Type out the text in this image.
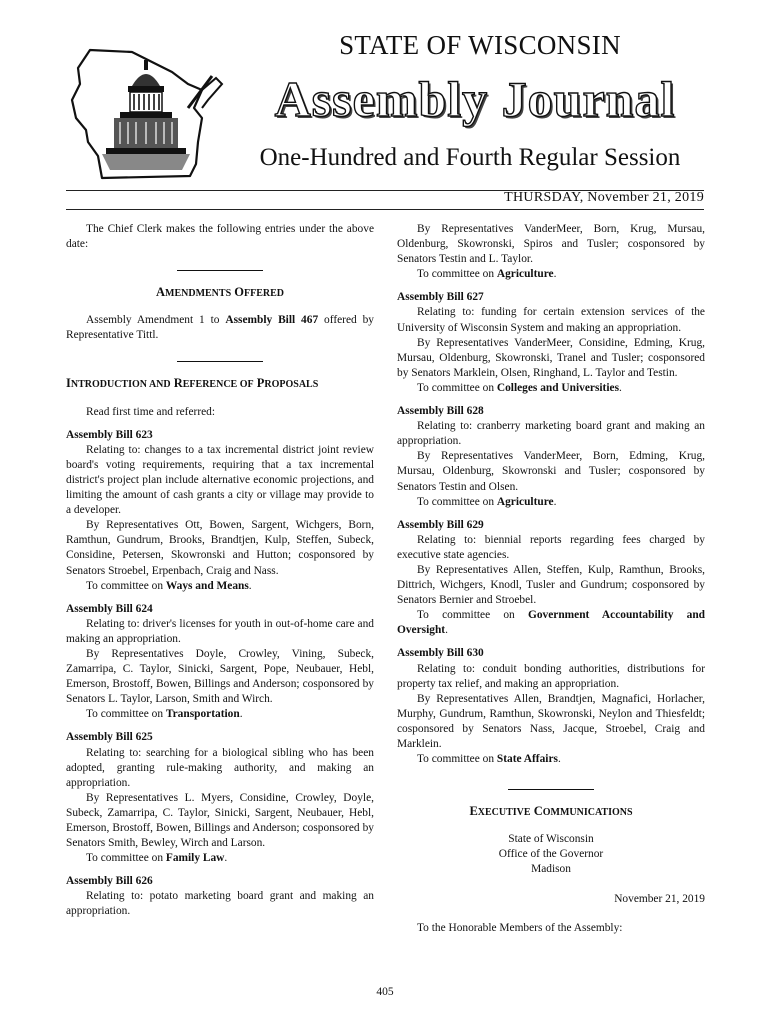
STATE OF WISCONSIN
Assembly Journal
One-Hundred and Fourth Regular Session
THURSDAY, November 21, 2019

The Chief Clerk makes the following entries under the above date:

AMENDMENTS OFFERED

Assembly Amendment 1 to Assembly Bill 467 offered by Representative Tittl.

INTRODUCTION AND REFERENCE OF PROPOSALS

Read first time and referred:

Assembly Bill 623

Relating to: changes to a tax incremental district joint review board's voting requirements, requiring that a tax incremental district's project plan include alternative economic projections, and limiting the amount of cash grants a city or village may provide to a developer.

By Representatives Ott, Bowen, Sargent, Wichgers, Born, Ramthun, Gundrum, Brooks, Brandtjen, Kulp, Steffen, Subeck, Considine, Petersen, Skowronski and Hutton; cosponsored by Senators Stroebel, Erpenbach, Craig and Nass.

To committee on Ways and Means.

Assembly Bill 624

Relating to: driver's licenses for youth in out-of-home care and making an appropriation.

By Representatives Doyle, Crowley, Vining, Subeck, Zamarripa, C. Taylor, Sinicki, Sargent, Pope, Neubauer, Hebl, Emerson, Brostoff, Bowen, Billings and Anderson; cosponsored by Senators L. Taylor, Larson, Smith and Wirch.

To committee on Transportation.

Assembly Bill 625

Relating to: searching for a biological sibling who has been adopted, granting rule-making authority, and making an appropriation.

By Representatives L. Myers, Considine, Crowley, Doyle, Subeck, Zamarripa, C. Taylor, Sinicki, Sargent, Neubauer, Hebl, Emerson, Brostoff, Bowen, Billings and Anderson; cosponsored by Senators Smith, Bewley, Wirch and Larson.

To committee on Family Law.

Assembly Bill 626

Relating to: potato marketing board grant and making an appropriation.

By Representatives VanderMeer, Born, Krug, Mursau, Oldenburg, Skowronski, Spiros and Tusler; cosponsored by Senators Testin and L. Taylor.

To committee on Agriculture.

Assembly Bill 627

Relating to: funding for certain extension services of the University of Wisconsin System and making an appropriation.

By Representatives VanderMeer, Considine, Edming, Krug, Mursau, Oldenburg, Skowronski, Tranel and Tusler; cosponsored by Senators Marklein, Olsen, Ringhand, L. Taylor and Testin.

To committee on Colleges and Universities.

Assembly Bill 628

Relating to: cranberry marketing board grant and making an appropriation.

By Representatives VanderMeer, Born, Edming, Krug, Mursau, Oldenburg, Skowronski and Tusler; cosponsored by Senators Testin and Olsen.

To committee on Agriculture.

Assembly Bill 629

Relating to: biennial reports regarding fees charged by executive state agencies.

By Representatives Allen, Steffen, Kulp, Ramthun, Brooks, Dittrich, Wichgers, Knodl, Tusler and Gundrum; cosponsored by Senators Bernier and Stroebel.

To committee on Government Accountability and Oversight.

Assembly Bill 630

Relating to: conduit bonding authorities, distributions for property tax relief, and making an appropriation.

By Representatives Allen, Brandtjen, Magnafici, Horlacher, Murphy, Gundrum, Ramthun, Skowronski, Neylon and Thiesfeldt; cosponsored by Senators Nass, Jacque, Stroebel, Craig and Marklein.

To committee on State Affairs.

EXECUTIVE COMMUNICATIONS

State of Wisconsin

Office of the Governor

Madison

November 21, 2019

To the Honorable Members of the Assembly:

405
